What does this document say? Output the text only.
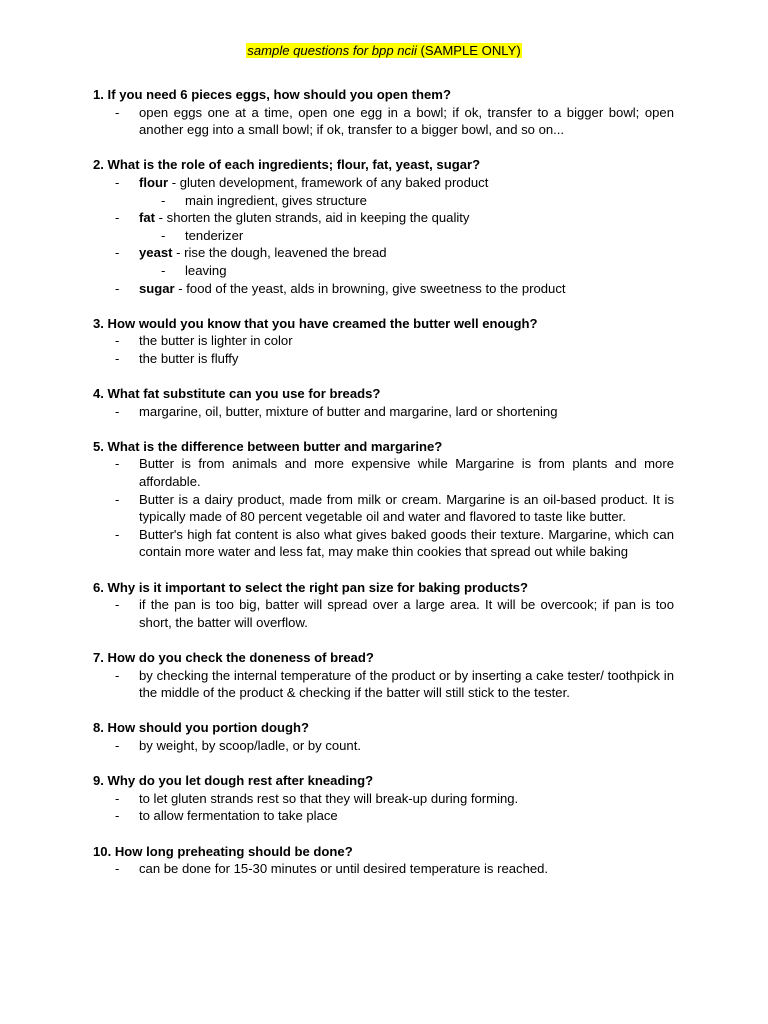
sample questions for bpp ncii (SAMPLE ONLY)
1. If you need 6 pieces eggs, how should you open them?
- open eggs one at a time, open one egg in a bowl; if ok, transfer to a bigger bowl; open another egg into a small bowl; if ok, transfer to a bigger bowl, and so on...
2. What is the role of each ingredients; flour, fat, yeast, sugar?
- flour - gluten development, framework of any baked product
- main ingredient, gives structure
- fat - shorten the gluten strands, aid in keeping the quality
- tenderizer
- yeast - rise the dough, leavened the bread
- leaving
- sugar - food of the yeast, alds in browning, give sweetness to the product
3. How would you know that you have creamed the butter well enough?
- the butter is lighter in color
- the butter is fluffy
4. What fat substitute can you use for breads?
- margarine, oil, butter, mixture of butter and margarine, lard or shortening
5. What is the difference between butter and margarine?
- Butter is from animals and more expensive while Margarine is from plants and more affordable.
- Butter is a dairy product, made from milk or cream. Margarine is an oil-based product. It is typically made of 80 percent vegetable oil and water and flavored to taste like butter.
- Butter's high fat content is also what gives baked goods their texture. Margarine, which can contain more water and less fat, may make thin cookies that spread out while baking
6. Why is it important to select the right pan size for baking products?
- if the pan is too big, batter will spread over a large area. It will be overcook; if pan is too short, the batter will overflow.
7. How do you check the doneness of bread?
- by checking the internal temperature of the product or by inserting a cake tester/ toothpick in the middle of the product & checking if the batter will still stick to the tester.
8. How should you portion dough?
- by weight, by scoop/ladle, or by count.
9. Why do you let dough rest after kneading?
- to let gluten strands rest so that they will break-up during forming.
- to allow fermentation to take place
10. How long preheating should be done?
- can be done for 15-30 minutes or until desired temperature is reached.
